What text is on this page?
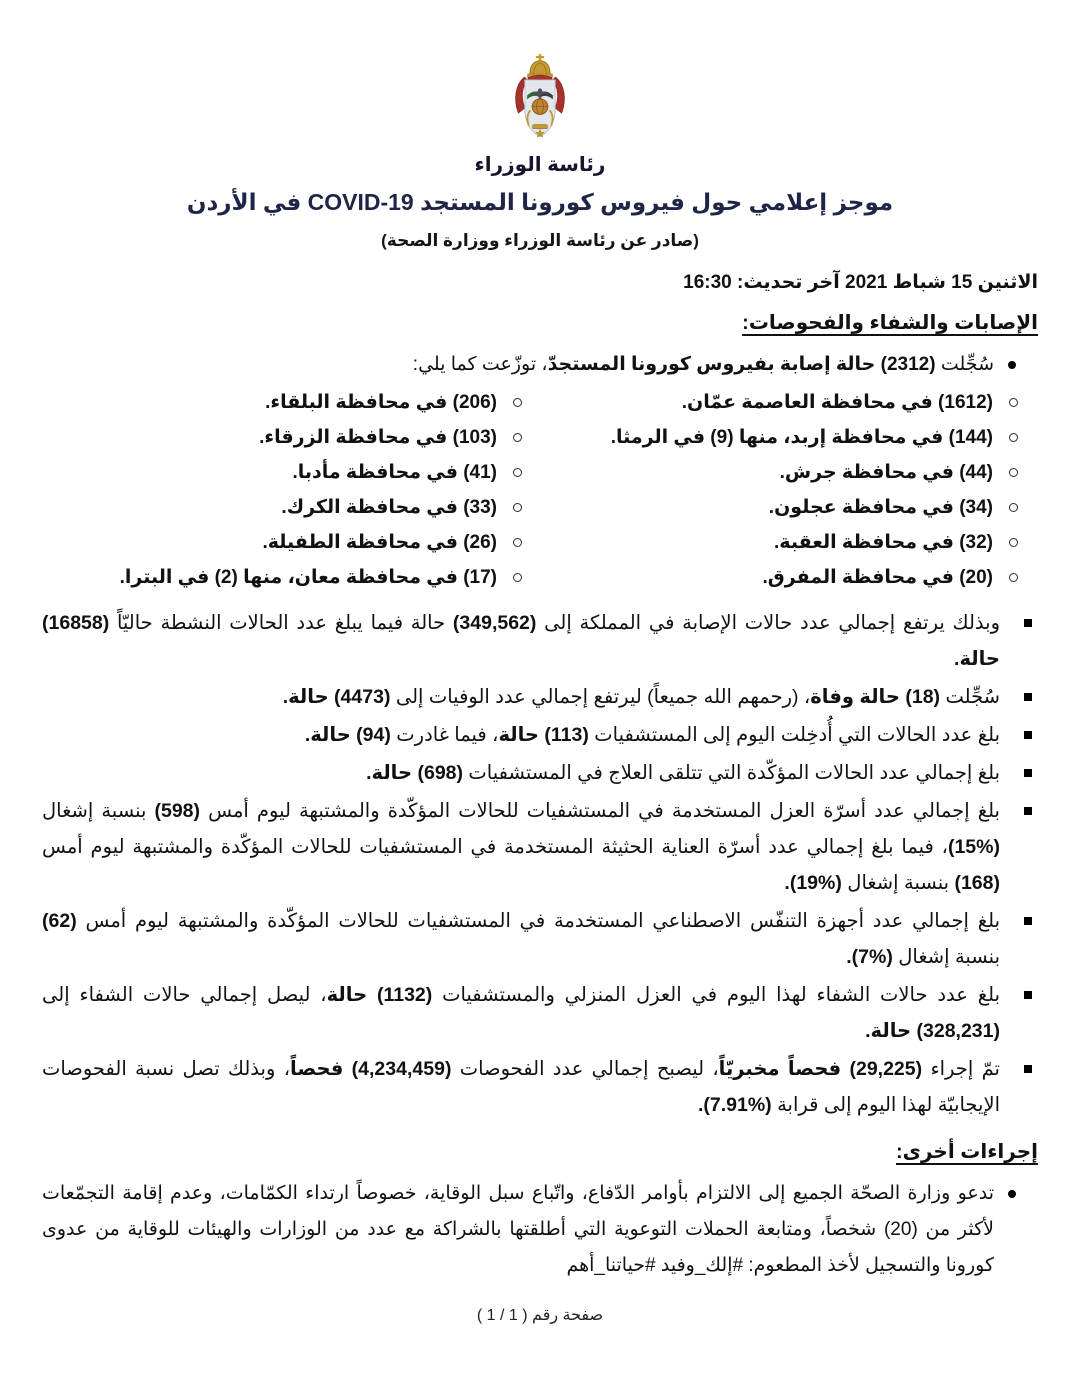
رئاسة الوزراء
موجز إعلامي حول فيروس كورونا المستجد COVID-19 في الأردن
(صادر عن رئاسة الوزراء ووزارة الصحة)
الاثنين 15 شباط 2021 آخر تحديث: 16:30
الإصابات والشفاء والفحوصات:
سُجِّلت (2312) حالة إصابة بفيروس كورونا المستجدّ، توزّعت كما يلي:
(1612) في محافظة العاصمة عمّان.
(144) في محافظة إربد، منها (9) في الرمثا.
(44) في محافظة جرش.
(34) في محافظة عجلون.
(32) في محافظة العقبة.
(20) في محافظة المفرق.
(206) في محافظة البلقاء.
(103) في محافظة الزرقاء.
(41) في محافظة مأدبا.
(33) في محافظة الكرك.
(26) في محافظة الطفيلة.
(17) في محافظة معان، منها (2) في البترا.
وبذلك يرتفع إجمالي عدد حالات الإصابة في المملكة إلى (349,562) حالة فيما يبلغ عدد الحالات النشطة حاليّاً (16858) حالة.
سُجِّلت (18) حالة وفاة، (رحمهم الله جميعاً) ليرتفع إجمالي عدد الوفيات إلى (4473) حالة.
بلغ عدد الحالات التي أُدخِلت اليوم إلى المستشفيات (113) حالة، فيما غادرت (94) حالة.
بلغ إجمالي عدد الحالات المؤكّدة التي تتلقى العلاج في المستشفيات (698) حالة.
بلغ إجمالي عدد أسرّة العزل المستخدمة في المستشفيات للحالات المؤكّدة والمشتبهة ليوم أمس (598) بنسبة إشغال (%15)، فيما بلغ إجمالي عدد أسرّة العناية الحثيثة المستخدمة في المستشفيات للحالات المؤكّدة والمشتبهة ليوم أمس (168) بنسبة إشغال (%19).
بلغ إجمالي عدد أجهزة التنفّس الاصطناعي المستخدمة في المستشفيات للحالات المؤكّدة والمشتبهة ليوم أمس (62) بنسبة إشغال (%7).
بلغ عدد حالات الشفاء لهذا اليوم في العزل المنزلي والمستشفيات (1132) حالة، ليصل إجمالي حالات الشفاء إلى (328,231) حالة.
تمّ إجراء (29,225) فحصاً مخبريّاً، ليصبح إجمالي عدد الفحوصات (4,234,459) فحصاً، وبذلك تصل نسبة الفحوصات الإيجابيّة لهذا اليوم إلى قرابة (%7.91).
إجراءات أخرى:
تدعو وزارة الصحّة الجميع إلى الالتزام بأوامر الدّفاع، واتّباع سبل الوقاية، خصوصاً ارتداء الكمّامات، وعدم إقامة التجمّعات لأكثر من (20) شخصاً، ومتابعة الحملات التوعوية التي أطلقتها بالشراكة مع عدد من الوزارات والهيئات للوقاية من عدوى كورونا والتسجيل لأخذ المطعوم: #إلك_وفيد #حياتنا_أهم
صفحة رقم ( 1 / 1 )
